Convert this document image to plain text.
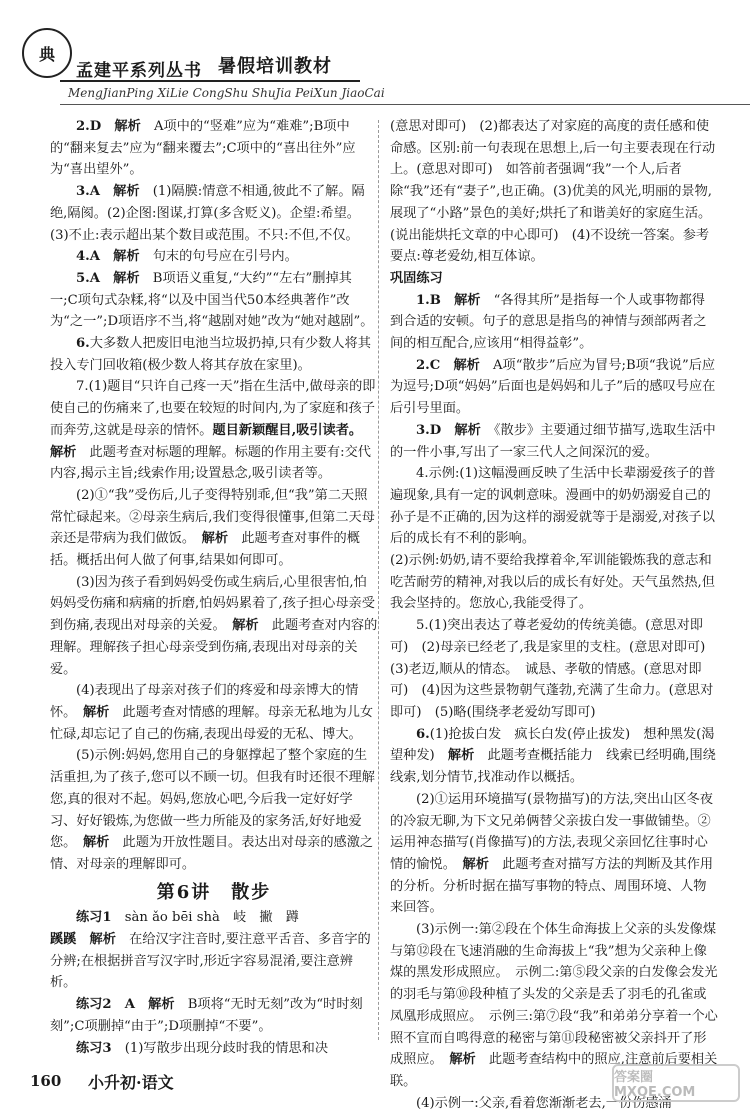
典
孟建平系列丛书 暑假培训教材
MengJianPing XiLie CongShu ShuJia PeiXun JiaoCai

2.D　解析　A项中的“竖难”应为“难难”;B项中的“翻来复去”应为“翻来覆去”;C项中的“喜出往外”应为“喜出望外”。

3.A　解析　(1)隔膜:情意不相通,彼此不了解。隔绝,隔阂。(2)企图:图谋,打算(多含贬义)。企望:希望。(3)不止:表示超出某个数目或范围。不只:不但,不仅。

4.A　解析　句末的句号应在引号内。

5.A　解析　B项语义重复,“大约”“左右”删掉其一;C项句式杂糅,将“以及中国当代50本经典著作”改为“之一”;D项语序不当,将“越剧对她”改为“她对越剧”。

6.大多数人把废旧电池当垃圾扔掉,只有少数人将其投入专门回收箱(极少数人将其存放在家里)。

7.(1)题目“只许自己疼一天”指在生活中,做母亲的即使自己的伤痛来了,也要在较短的时间内,为了家庭和孩子而奔劳,这就是母亲的情怀。题目新颖醒目,吸引读者。　解析　此题考查对标题的理解。标题的作用主要有:交代内容,揭示主旨;线索作用;设置悬念,吸引读者等。

(2)①“我”受伤后,儿子变得特别乖,但“我”第二天照常忙碌起来。②母亲生病后,我们变得很懂事,但第二天母亲还是带病为我们做饭。　解析　此题考查对事件的概括。概括出何人做了何事,结果如何即可。

(3)因为孩子看到妈妈受伤或生病后,心里很害怕,怕妈妈受伤痛和病痛的折磨,怕妈妈累着了,孩子担心母亲受到伤痛,表现出对母亲的关爱。　解析　此题考查对内容的理解。理解孩子担心母亲受到伤痛,表现出对母亲的关爱。

(4)表现出了母亲对孩子们的疼爱和母亲博大的情怀。　解析　此题考查对情感的理解。母亲无私地为儿女忙碌,却忘记了自己的伤痛,表现出母爱的无私、博大。

(5)示例:妈妈,您用自己的身躯撑起了整个家庭的生活重担,为了孩子,您可以不顾一切。但我有时还很不理解您,真的很对不起。妈妈,您放心吧,今后我一定好好学习、好好锻炼,为您做一些力所能及的家务活,好好地爱您。　解析　此题为开放性题目。表达出对母亲的感激之情、对母亲的理解即可。

第6讲　散步

练习1　sàn ǎo bēi shà　岐　撇　蹲

蹊蹊　解析　在给汉字注音时,要注意平舌音、多音字的分辨;在根据拼音写汉字时,形近字容易混淆,要注意辨析。

练习2　A　解析　B项将“无时无刻”改为“时时刻刻”;C项删掉“由于”;D项删掉“不要”。

练习3　(1)写散步出现分歧时我的情思和决

(意思对即可)　(2)都表达了对家庭的高度的责任感和使命感。区别:前一句表现在思想上,后一句主要表现在行动上。(意思对即可)　如答前者强调“我”一个人,后者除“我”还有“妻子”,也正确。(3)优美的风光,明丽的景物,展现了“小路”景色的美好;烘托了和谐美好的家庭生活。(说出能烘托文章的中心即可)　(4)不设统一答案。参考要点:尊老爱幼,相互体谅。

巩固练习

1.B　解析　“各得其所”是指每一个人或事物都得到合适的安顿。句子的意思是指鸟的神情与颈部两者之间的相互配合,应该用“相得益彰”。

2.C　解析　A项“散步”后应为冒号;B项“我说”后应为逗号;D项“妈妈”后面也是妈妈和儿子”后的感叹号应在后引号里面。

3.D　解析　《散步》主要通过细节描写,选取生活中的一件小事,写出了一家三代人之间深沉的爱。

4.示例:(1)这幅漫画反映了生活中长辈溺爱孩子的普遍现象,具有一定的讽刺意味。漫画中的奶奶溺爱自己的孙子是不正确的,因为这样的溺爱就等于是溺爱,对孩子以后的成长有不利的影响。

(2)示例:奶奶,请不要给我撑着伞,军训能锻炼我的意志和吃苦耐劳的精神,对我以后的成长有好处。天气虽然热,但我会坚持的。您放心,我能受得了。

5.(1)突出表达了尊老爱幼的传统美德。(意思对即可)　(2)母亲已经老了,我是家里的支柱。(意思对即可)　(3)老迈,顺从的情态。　诚恳、孝敬的情感。(意思对即可)　(4)因为这些景物朝气蓬勃,充满了生命力。(意思对即可)　(5)略(围绕孝老爱幼写即可)

6.(1)抢拔白发　疯长白发(停止拔发)　想种黑发(渴望种发)　解析　此题考查概括能力　线索已经明确,围绕线索,划分情节,找准动作以概括。

(2)①运用环境描写(景物描写)的方法,突出山区冬夜的冷寂无聊,为下文兄弟俩替父亲拔白发一事做铺垫。②运用神态描写(肖像描写)的方法,表现父亲回忆往事时心情的愉悦。　解析　此题考查对描写方法的判断及其作用的分析。分析时据在描写事物的特点、周围环境、人物来回答。

(3)示例一:第②段在个体生命海拔上父亲的头发像煤与第⑫段在飞速消融的生命海拔上“我”想为父亲种上像煤的黑发形成照应。　示例二:第⑤段父亲的白发像会发光的羽毛与第⑩段种植了头发的父亲是丢了羽毛的孔雀或凤凰形成照应。　示例三:第⑦段“我”和弟弟分享着一个心照不宣而自鸣得意的秘密与第⑪段秘密被父亲抖开了形成照应。　解析　此题考查结构中的照应,注意前后要相关联。

(4)示例一:父亲,看着您渐渐老去,一份伤感涌

160 小升初·语文	答案圈 MXQE.COM
